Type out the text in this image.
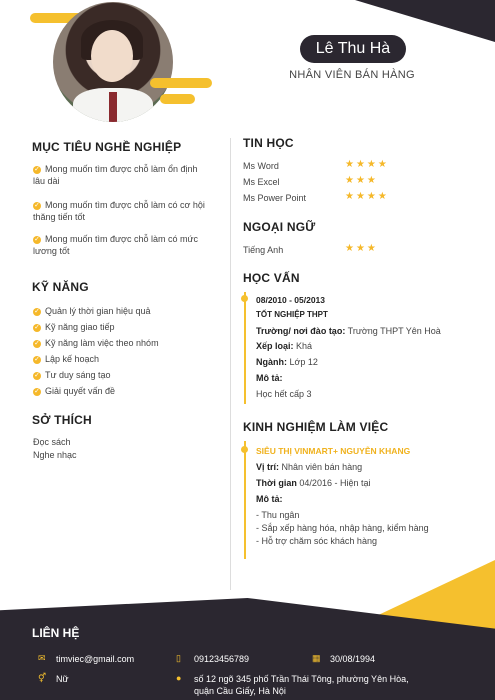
Lê Thu Hà
NHÂN VIÊN BÁN HÀNG
MỤC TIÊU NGHỀ NGHIỆP
✓ Mong muốn tìm được chỗ làm ổn định
lâu dài
✓ Mong muốn tìm được chỗ làm có cơ hội
thăng tiến tốt
✓ Mong muốn tìm được chỗ làm có mức
lương tốt
KỸ NĂNG
✓ Quản lý thời gian hiệu quả
✓ Kỹ năng giao tiếp
✓ Kỹ năng làm việc theo nhóm
✓ Lập kế hoạch
✓ Tư duy sáng tạo
✓ Giải quyết vấn đề
SỞ THÍCH
Đọc sách
Nghe nhạc
TIN HỌC
Ms Word	★★★★
Ms Excel	★★★
Ms Power Point	★★★★
NGOẠI NGỮ
Tiếng Anh	★★★
HỌC VẤN
08/2010 - 05/2013
TỐT NGHIỆP THPT
Trường/ nơi đào tạo: Trường THPT Yên Hoà
Xếp loại: Khá
Ngành: Lớp 12
Mô tả:
Học hết cấp 3
KINH NGHIỆM LÀM VIỆC
SIÊU THỊ VINMART+ NGUYỄN KHANG
Vị trí: Nhân viên bán hàng
Thời gian 04/2016 - Hiện tại
Mô tả:
- Thu ngân
- Sắp xếp hàng hóa, nhập hàng, kiểm hàng
- Hỗ trợ chăm sóc khách hàng
LIÊN HỆ
✉ timviec@gmail.com	▯ 09123456789	▦ 30/08/1994
⚥ Nữ	● số 12 ngõ 345 phố Trần Thái Tông, phường Yên Hòa,
quận Cầu Giấy, Hà Nội
